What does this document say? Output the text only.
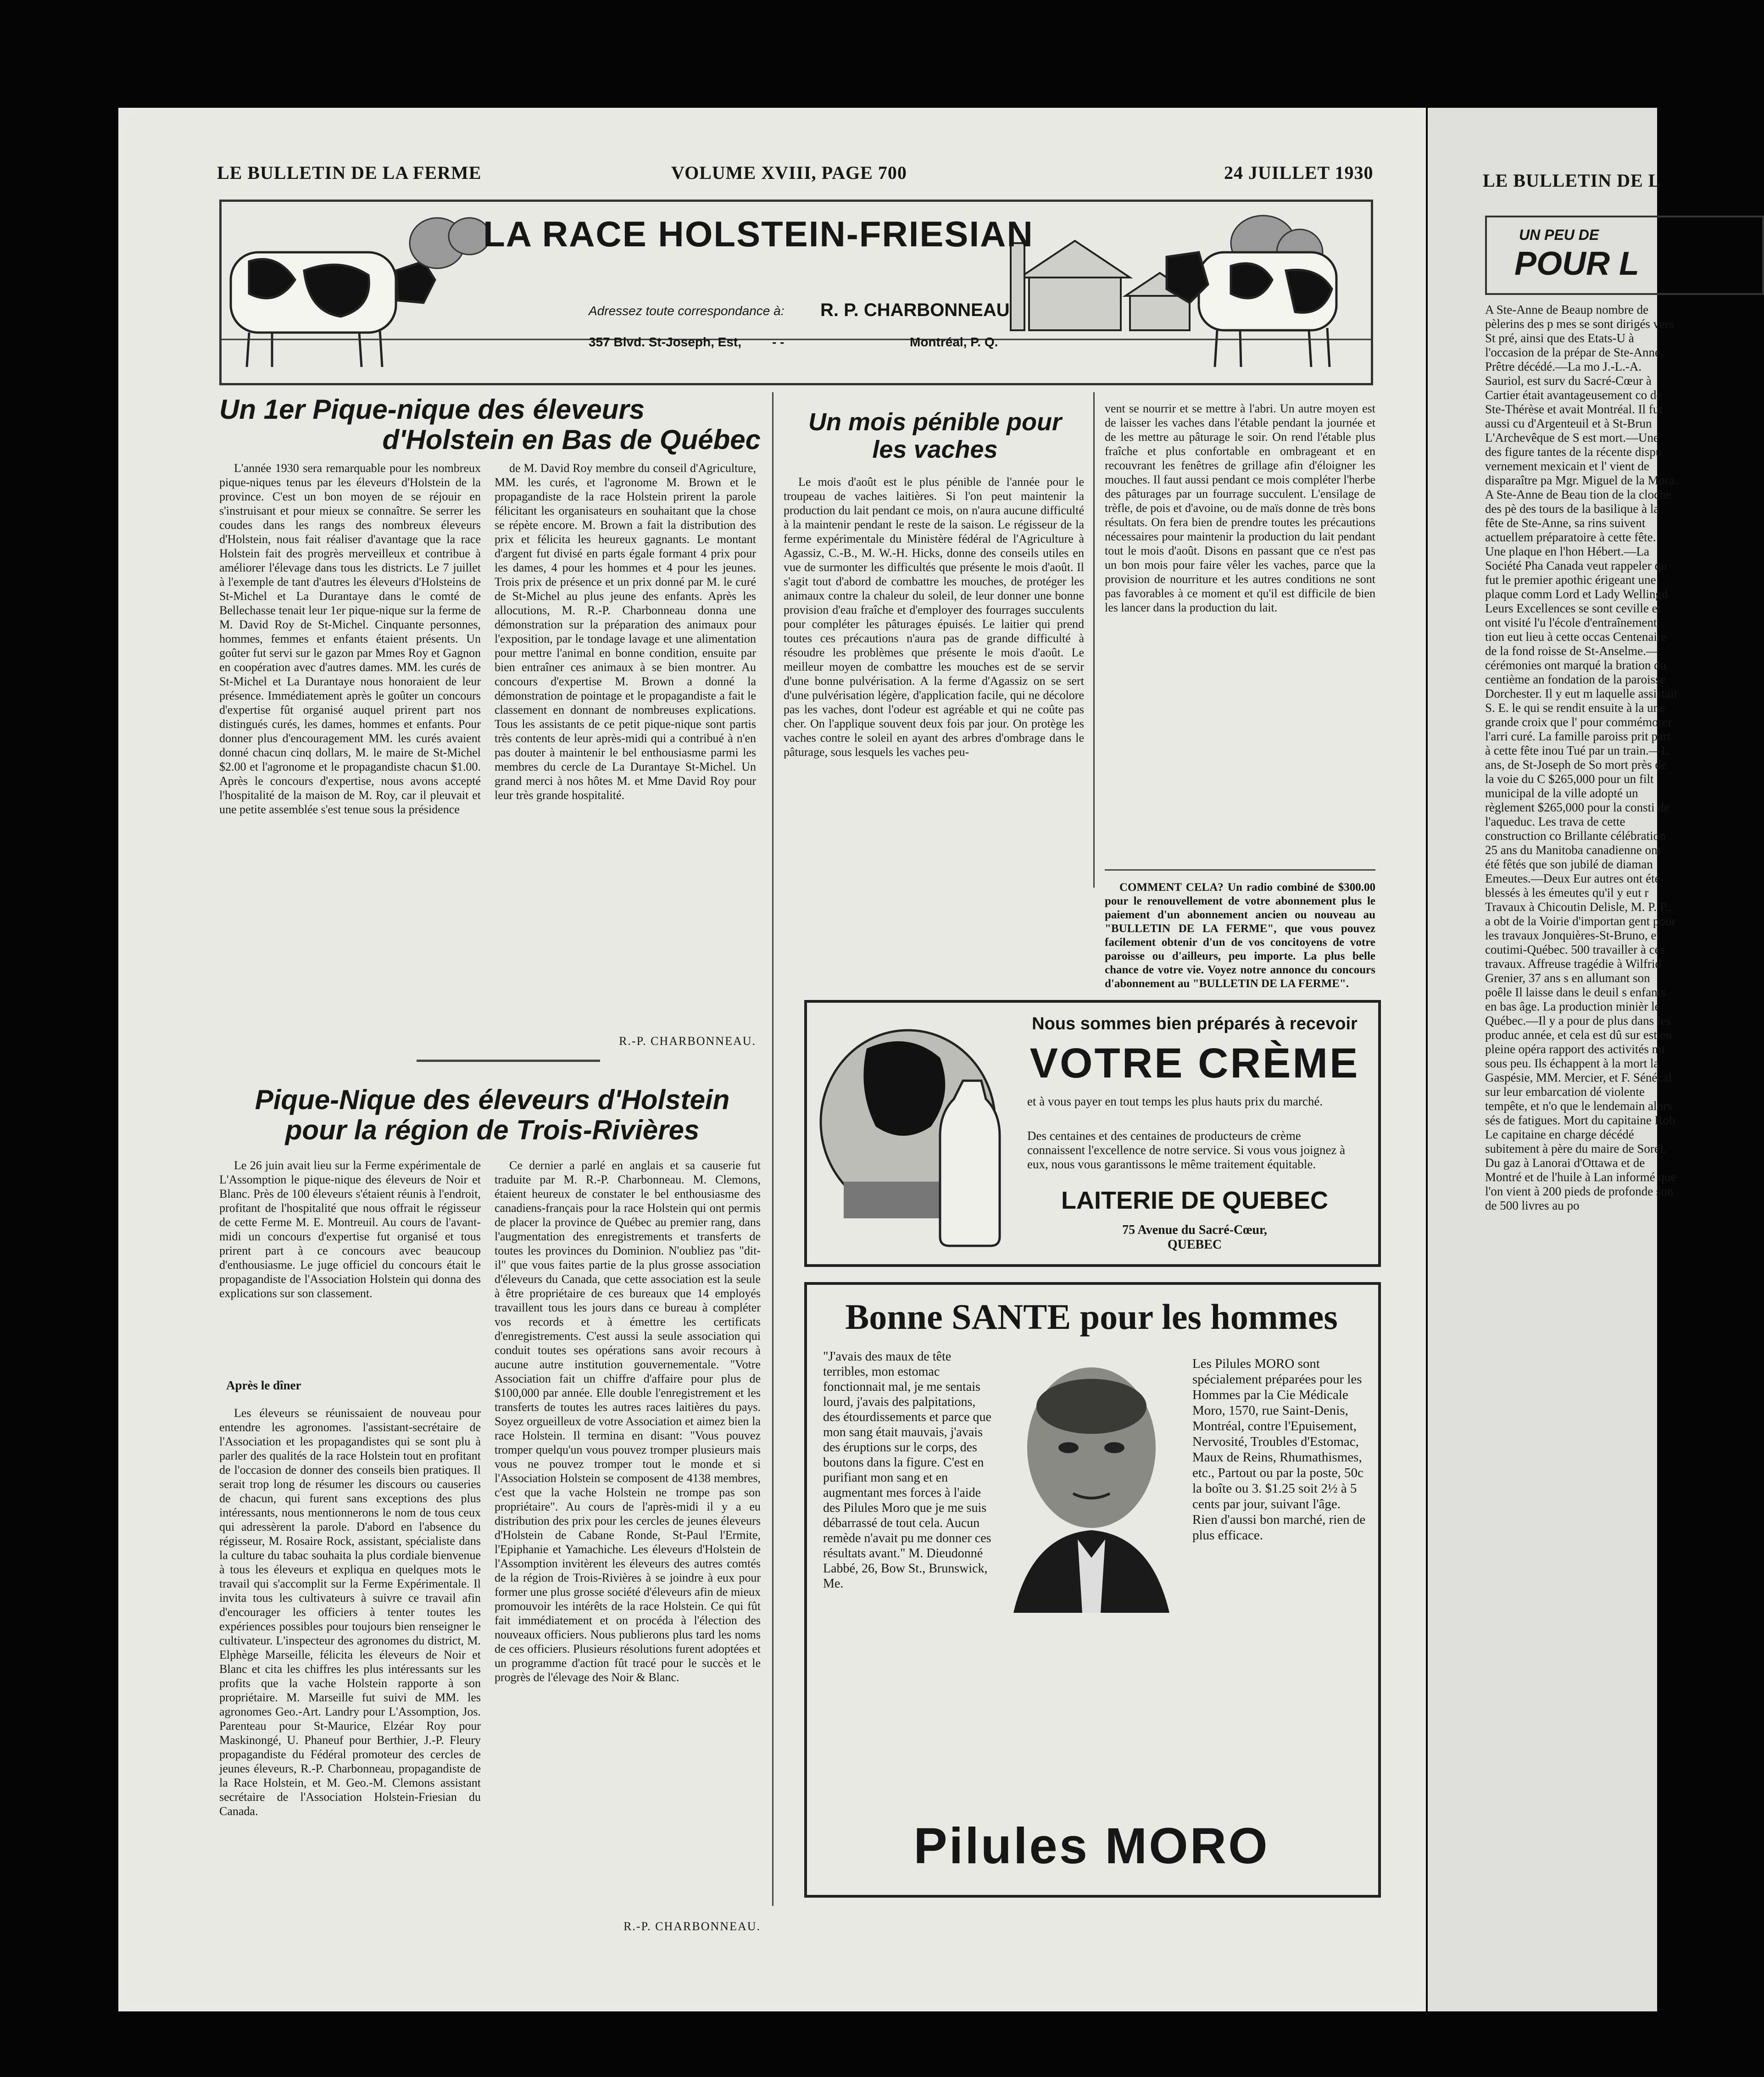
LE BULLETIN DE LA FERME	VOLUME XVIII, PAGE 700	24 JUILLET 1930
LA RACE HOLSTEIN-FRIESIAN
Adressez toute correspondance à: R. P. CHARBONNEAU
357 Blvd. St-Joseph, Est, - -	Montréal, P. Q.
Un 1er Pique-nique des éleveurs
d'Holstein en Bas de Québec

L'année 1930 sera remarquable pour les nombreux pique-niques tenus par les éleveurs d'Holstein de la province. C'est un bon moyen de se réjouir en s'instruisant et pour mieux se connaître. Se serrer les coudes dans les rangs des nombreux éleveurs d'Holstein, nous fait réaliser d'avantage que la race Holstein fait des progrès merveilleux et contribue à améliorer l'élevage dans tous les districts. Le 7 juillet à l'exemple de tant d'autres les éleveurs d'Holsteins de St-Michel et La Durantaye dans le comté de Bellechasse tenait leur 1er pique-nique sur la ferme de M. David Roy de St-Michel. Cinquante personnes, hommes, femmes et enfants étaient présents. Un goûter fut servi sur le gazon par Mmes Roy et Gagnon en coopération avec d'autres dames. MM. les curés de St-Michel et La Durantaye nous honoraient de leur présence. Immédiatement après le goûter un concours d'expertise fût organisé auquel prirent part nos distingués curés, les dames, hommes et enfants. Pour donner plus d'encouragement MM. les curés avaient donné chacun cinq dollars, M. le maire de St-Michel $2.00 et l'agronome et le propagandiste chacun $1.00. Après le concours d'expertise, nous avons accepté l'hospitalité de la maison de M. Roy, car il pleuvait et une petite assemblée s'est tenue sous la présidence

de M. David Roy membre du conseil d'Agriculture, MM. les curés, et l'agronome M. Brown et le propagandiste de la race Holstein prirent la parole félicitant les organisateurs en souhaitant que la chose se répète encore. M. Brown a fait la distribution des prix et félicita les heureux gagnants. Le montant d'argent fut divisé en parts égale formant 4 prix pour les dames, 4 pour les hommes et 4 pour les jeunes. Trois prix de présence et un prix donné par M. le curé de St-Michel au plus jeune des enfants. Après les allocutions, M. R.-P. Charbonneau donna une démonstration sur la préparation des animaux pour l'exposition, par le tondage lavage et une alimentation pour mettre l'animal en bonne condition, ensuite par bien entraîner ces animaux à se bien montrer. Au concours d'expertise M. Brown a donné la démonstration de pointage et le propagandiste a fait le classement en donnant de nombreuses explications. Tous les assistants de ce petit pique-nique sont partis très contents de leur après-midi qui a contribué à n'en pas douter à maintenir le bel enthousiasme parmi les membres du cercle de La Durantaye St-Michel. Un grand merci à nos hôtes M. et Mme David Roy pour leur très grande hospitalité.

R.-P. CHARBONNEAU.
Un mois pénible pour
les vaches

Le mois d'août est le plus pénible de l'année pour le troupeau de vaches laitières. Si l'on peut maintenir la production du lait pendant ce mois, on n'aura aucune difficulté à la maintenir pendant le reste de la saison. Le régisseur de la ferme expérimentale du Ministère fédéral de l'Agriculture à Agassiz, C.-B., M. W.-H. Hicks, donne des conseils utiles en vue de surmonter les difficultés que présente le mois d'août. Il s'agit tout d'abord de combattre les mouches, de protéger les animaux contre la chaleur du soleil, de leur donner une bonne provision d'eau fraîche et d'employer des fourrages succulents pour compléter les pâturages épuisés. Le laitier qui prend toutes ces précautions n'aura pas de grande difficulté à résoudre les problèmes que présente le mois d'août. Le meilleur moyen de combattre les mouches est de se servir d'une bonne pulvérisation. A la ferme d'Agassiz on se sert d'une pulvérisation légère, d'application facile, qui ne décolore pas les vaches, dont l'odeur est agréable et qui ne coûte pas cher. On l'applique souvent deux fois par jour. On protège les vaches contre le soleil en ayant des arbres d'ombrage dans le pâturage, sous lesquels les vaches peu-

vent se nourrir et se mettre à l'abri. Un autre moyen est de laisser les vaches dans l'étable pendant la journée et de les mettre au pâturage le soir. On rend l'étable plus fraîche et plus confortable en ombrageant et en recouvrant les fenêtres de grillage afin d'éloigner les mouches. Il faut aussi pendant ce mois compléter l'herbe des pâturages par un fourrage succulent. L'ensilage de trèfle, de pois et d'avoine, ou de maïs donne de très bons résultats. On fera bien de prendre toutes les précautions nécessaires pour maintenir la production du lait pendant tout le mois d'août. Disons en passant que ce n'est pas un bon mois pour faire vêler les vaches, parce que la provision de nourriture et les autres conditions ne sont pas favorables à ce moment et qu'il est difficile de bien les lancer dans la production du lait.

COMMENT CELA? Un radio combiné de $300.00 pour le renouvellement de votre abonnement plus le paiement d'un abonnement ancien ou nouveau au "BULLETIN DE LA FERME", que vous pouvez facilement obtenir d'un de vos concitoyens de votre paroisse ou d'ailleurs, peu importe. La plus belle chance de votre vie. Voyez notre annonce du concours d'abonnement au "BULLETIN DE LA FERME".

Pique-Nique des éleveurs d'Holstein
pour la région de Trois-Rivières

Le 26 juin avait lieu sur la Ferme expérimentale de L'Assomption le pique-nique des éleveurs de Noir et Blanc. Près de 100 éleveurs s'étaient réunis à l'endroit, profitant de l'hospitalité que nous offrait le régisseur de cette Ferme M. E. Montreuil. Au cours de l'avant-midi un concours d'expertise fut organisé et tous prirent part à ce concours avec beaucoup d'enthousiasme. Le juge officiel du concours était le propagandiste de l'Association Holstein qui donna des explications sur son classement.

Après le dîner

Les éleveurs se réunissaient de nouveau pour entendre les agronomes. l'assistant-secrétaire de l'Association et les propagandistes qui se sont plu à parler des qualités de la race Holstein tout en profitant de l'occasion de donner des conseils bien pratiques. Il serait trop long de résumer les discours ou causeries de chacun, qui furent sans exceptions des plus intéressants, nous mentionnerons le nom de tous ceux qui adressèrent la parole. D'abord en l'absence du régisseur, M. Rosaire Rock, assistant, spécialiste dans la culture du tabac souhaita la plus cordiale bienvenue à tous les éleveurs et expliqua en quelques mots le travail qui s'accomplit sur la Ferme Expérimentale. Il invita tous les cultivateurs à suivre ce travail afin d'encourager les officiers à tenter toutes les expériences possibles pour toujours bien renseigner le cultivateur. L'inspecteur des agronomes du district, M. Elphège Marseille, félicita les éleveurs de Noir et Blanc et cita les chiffres les plus intéressants sur les profits que la vache Holstein rapporte à son propriétaire. M. Marseille fut suivi de MM. les agronomes Geo.-Art. Landry pour L'Assomption, Jos. Parenteau pour St-Maurice, Elzéar Roy pour Maskinongé, U. Phaneuf pour Berthier, J.-P. Fleury propagandiste du Fédéral promoteur des cercles de jeunes éleveurs, R.-P. Charbonneau, propagandiste de la Race Holstein, et M. Geo.-M. Clemons assistant secrétaire de l'Association Holstein-Friesian du Canada.

Ce dernier a parlé en anglais et sa causerie fut traduite par M. R.-P. Charbonneau. M. Clemons, étaient heureux de constater le bel enthousiasme des canadiens-français pour la race Holstein qui ont permis de placer la province de Québec au premier rang, dans l'augmentation des enregistrements et transferts de toutes les provinces du Dominion. N'oubliez pas "dit-il" que vous faites partie de la plus grosse association d'éleveurs du Canada, que cette association est la seule à être propriétaire de ces bureaux que 14 employés travaillent tous les jours dans ce bureau à compléter vos records et à émettre les certificats d'enregistrements. C'est aussi la seule association qui conduit toutes ses opérations sans avoir recours à aucune autre institution gouvernementale. "Votre Association fait un chiffre d'affaire pour plus de $100,000 par année. Elle double l'enregistrement et les transferts de toutes les autres races laitières du pays. Soyez orgueilleux de votre Association et aimez bien la race Holstein. Il termina en disant: "Vous pouvez tromper quelqu'un vous pouvez tromper plusieurs mais vous ne pouvez tromper tout le monde et si l'Association Holstein se composent de 4138 membres, c'est que la vache Holstein ne trompe pas son propriétaire". Au cours de l'après-midi il y a eu distribution des prix pour les cercles de jeunes éleveurs d'Holstein de Cabane Ronde, St-Paul l'Ermite, l'Epiphanie et Yamachiche. Les éleveurs d'Holstein de l'Assomption invitèrent les éleveurs des autres comtés de la région de Trois-Rivières à se joindre à eux pour former une plus grosse société d'éleveurs afin de mieux promouvoir les intérêts de la race Holstein. Ce qui fût fait immédiatement et on procéda à l'élection des nouveaux officiers. Nous publierons plus tard les noms de ces officiers. Plusieurs résolutions furent adoptées et un programme d'action fût tracé pour le succès et le progrès de l'élevage des Noir & Blanc.

R.-P. CHARBONNEAU.
Nous sommes bien préparés à recevoir
VOTRE CRÈME
et à vous payer en tout temps les plus hauts prix du marché.
Des centaines et des centaines de producteurs de crème connaissent l'excellence de notre service. Si vous vous joignez à eux, nous vous garantissons le même traitement équitable.
LAITERIE DE QUEBEC
75 Avenue du Sacré-Cœur,
QUEBEC
Bonne SANTE pour les hommes
"J'avais des maux de tête terribles, mon estomac fonctionnait mal, je me sentais lourd, j'avais des palpitations, des étourdissements et parce que mon sang était mauvais, j'avais des éruptions sur le corps, des boutons dans la figure. C'est en purifiant mon sang et en augmentant mes forces à l'aide des Pilules Moro que je me suis débarrassé de tout cela. Aucun remède n'avait pu me donner ces résultats avant." M. Dieudonné Labbé, 26, Bow St., Brunswick, Me.
Les Pilules MORO sont spécialement préparées pour les Hommes par la Cie Médicale Moro, 1570, rue Saint-Denis, Montréal, contre l'Epuisement, Nervosité, Troubles d'Estomac, Maux de Reins, Rhumathismes, etc., Partout ou par la poste, 50c la boîte ou 3. $1.25 soit 2½ à 5 cents par jour, suivant l'âge. Rien d'aussi bon marché, rien de plus efficace.
Pilules MORO
LE BULLETIN DE L
UN PEU DE
POUR L
A Ste-Anne de Beaup nombre de pèlerins des p mes se sont dirigés vers St pré, ainsi que des Etats-U à l'occasion de la prépar de Ste-Anne. Prêtre décédé.—La mo J.-L.-A. Sauriol, est surv du Sacré-Cœur à Cartier était avantageusement co de Ste-Thérèse et avait Montréal. Il fut aussi cu d'Argenteuil et à St-Brun L'Archevêque de S est mort.—Une des figure tantes de la récente dispu vernement mexicain et l' vient de disparaître pa Mgr. Miguel de la Mora. A Ste-Anne de Beau tion de la cloche des pè des tours de la basilique à la fête de Ste-Anne, sa rins suivent actuellem préparatoire à cette fête. Une plaque en l'hon Hébert.—La Société Pha Canada veut rappeler qu fut le premier apothic érigeant une plaque comm Lord et Lady Wellingd Leurs Excellences se sont ceville et ont visité l'u l'école d'entraînement. tion eut lieu à cette occas Centenaire de la fond roisse de St-Anselme.— cérémonies ont marqué la bration du centième an fondation de la paroisse Dorchester. Il y eut m laquelle assistait S. E. le qui se rendit ensuite à la une grande croix que l' pour commémorer l'arri curé. La famille paroiss prit part à cette fête inou Tué par un train.—L ans, de St-Joseph de So mort près de la voie du C $265,000 pour un filt municipal de la ville adopté un règlement $265,000 pour la consti de l'aqueduc. Les trava de cette construction co Brillante célébration 25 ans du Manitoba canadienne ont été fêtés que son jubilé de diaman Emeutes.—Deux Eur autres ont été blessés à les émeutes qu'il y eut r Travaux à Chicoutin Delisle, M. P. P., a obt de la Voirie d'importan gent pour les travaux Jonquières-St-Bruno, et coutimi-Québec. 500 travailler à ces travaux. Affreuse tragédie à Wilfrid Grenier, 37 ans s en allumant son poêle Il laisse dans le deuil s enfants en bas âge. La production minièr le Québec.—Il y a pour de plus dans les produc année, et cela est dû sur est en pleine opéra rapport des activités mi sous peu. Ils échappent à la mort la Gaspésie, MM. Mercier, et F. Sénécal sur leur embarcation dé violente tempête, et n'o que le lendemain alors sés de fatigues. Mort du capitaine Rob Le capitaine en charge décédé subitement à père du maire de Sorel. Du gaz à Lanorai d'Ottawa et de Montré et de l'huile à Lan informé que l'on vient à 200 pieds de profonde son de 500 livres au po
